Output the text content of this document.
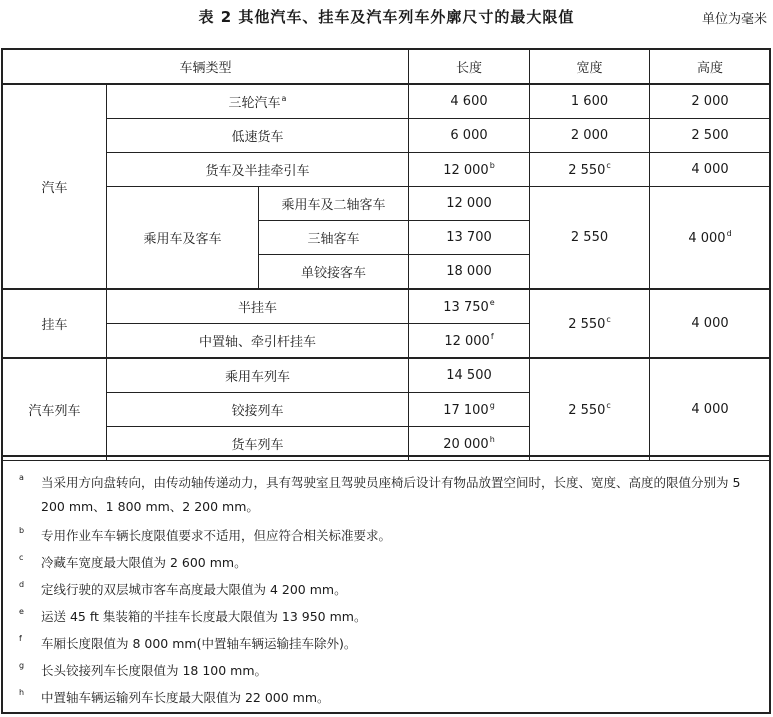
表 2 其他汽车、挂车及汽车列车外廓尺寸的最大限值	单位为毫米
车辆类型			长度	宽度	高度
汽车	三轮汽车$^a$		4 600	1 600	2 000
	低速货车		6 000	2 000	2 500
	货车及半挂牵引车		12 000$^b$	2 550$^c$	4 000
	乘用车及客车	乘用车及二轴客车	12 000	2 550	4 000$^d$
		三轴客车	13 700		
		单铰接客车	18 000		
挂车	半挂车		13 750e	2 550$^c$	4 000
	中置轴、牵引杆挂车		12 000$^f$
汽车列车	乘用车列车		14 500	2 550$^c$	4 000
	铰接列车		17 100$^g$
	货车列车		20 000$^h$
a 当采用方向盘转向，由传动轴传递动力，具有驾驶室且驾驶员座椅后设计有物品放置空间时，长度、宽度、高度的限值分别为 5 200 mm、1 800 mm、2 200 mm。
b 专用作业车车辆长度限值要求不适用，但应符合相关标准要求。
c 冷藏车宽度最大限值为 2 600 mm。
d 定线行驶的双层城市客车高度最大限值为 4 200 mm。
e 运送 45 ft 集装箱的半挂车长度最大限值为 13 950 mm。
f 车厢长度限值为 8 000 mm(中置轴车辆运输挂车除外)。
g 长头铰接列车长度限值为 18 100 mm。
h 中置轴车辆运输列车长度最大限值为 22 000 mm。
